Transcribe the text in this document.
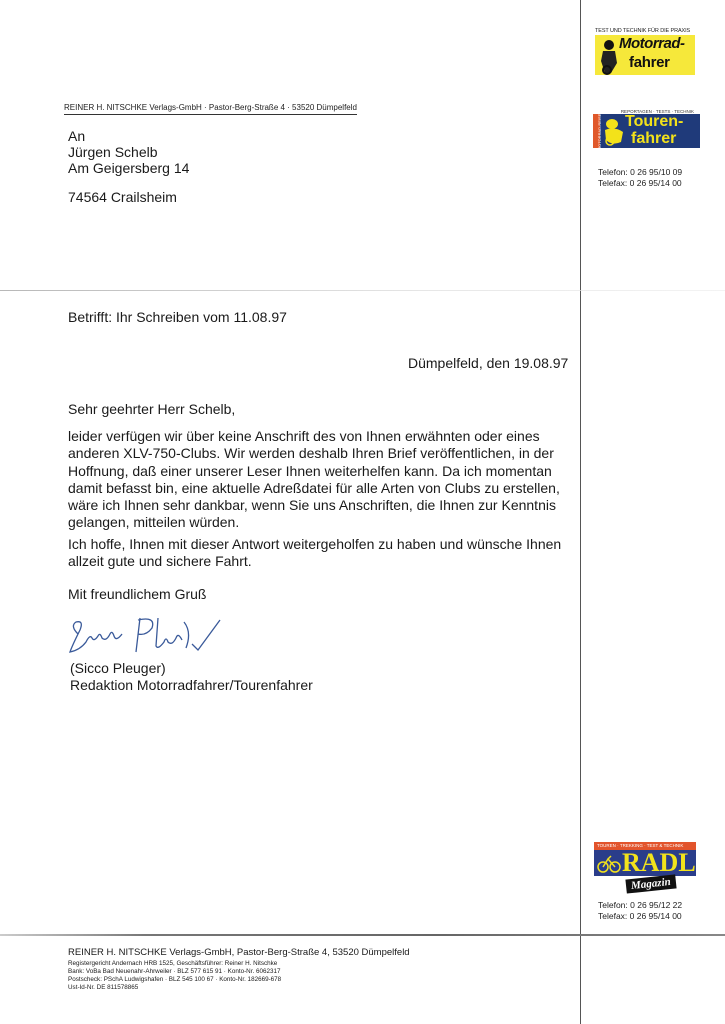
REINER H. NITSCHKE Verlags-GmbH · Pastor-Berg-Straße 4 · 53520 Dümpelfeld
An
Jürgen Schelb
Am Geigersberg 14
74564 Crailsheim
TEST UND TECHNIK FÜR DIE PRAXIS
Motorrad-
fahrer
REPORTAGEN · TESTS · TECHNIK
MOTORRAD-REISEN Touren-
fahrer
Telefon: 0 26 95/10 09
Telefax: 0 26 95/14 00
Betrifft: Ihr Schreiben vom 11.08.97
Dümpelfeld, den 19.08.97
Sehr geehrter Herr Schelb,
leider verfügen wir über keine Anschrift des von Ihnen erwähnten oder eines
anderen XLV-750-Clubs. Wir werden deshalb Ihren Brief veröffentlichen, in der
Hoffnung, daß einer unserer Leser Ihnen weiterhelfen kann. Da ich momentan
damit befasst bin, eine aktuelle Adreßdatei für alle Arten von Clubs zu erstellen,
wäre ich Ihnen sehr dankbar, wenn Sie uns Anschriften, die Ihnen zur Kenntnis
gelangen, mitteilen würden.
Ich hoffe, Ihnen mit dieser Antwort weitergeholfen zu haben und wünsche Ihnen
allzeit gute und sichere Fahrt.
Mit freundlichem Gruß
(Sicco Pleuger)
Redaktion Motorradfahrer/Tourenfahrer
TOUREN · TREKKING · TEST & TECHNIK
RADL
Magazin
Telefon: 0 26 95/12 22
Telefax: 0 26 95/14 00
REINER H. NITSCHKE Verlags-GmbH, Pastor-Berg-Straße 4, 53520 Dümpelfeld
Registergericht Andernach HRB 1525, Geschäftsführer: Reiner H. Nitschke
Bank: VoBa Bad Neuenahr-Ahrweiler · BLZ 577 615 91 · Konto-Nr. 6062317
Postscheck: PSchA Ludwigshafen · BLZ 545 100 67 · Konto-Nr. 182669-678
Ust-Id-Nr. DE 811578865
